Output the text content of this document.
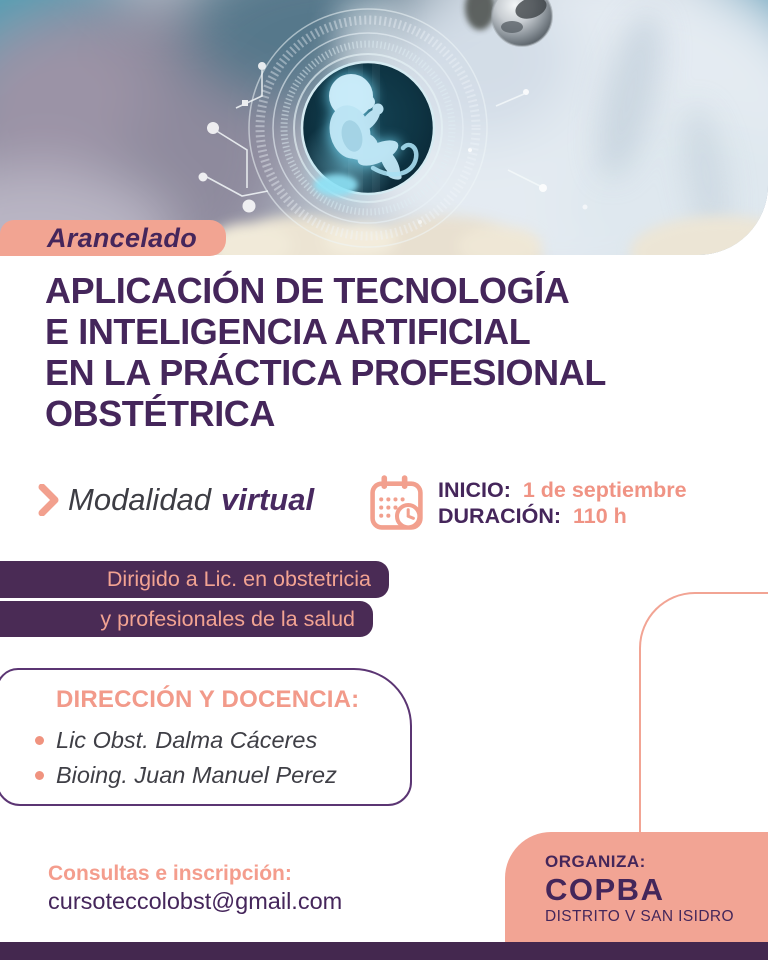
Arancelado
APLICACIÓN DE TECNOLOGÍA
E INTELIGENCIA ARTIFICIAL
EN LA PRÁCTICA PROFESIONAL
OBSTÉTRICA
Modalidad virtual	INICIO: 1 de septiembre
DURACIÓN: 110 h
Dirigido a Lic. en obstetricia
y profesionales de la salud
DIRECCIÓN Y DOCENCIA:
Lic Obst. Dalma Cáceres
Bioing. Juan Manuel Perez
Consultas e inscripción:
cursoteccolobst@gmail.com
ORGANIZA:
COPBA
DISTRITO V SAN ISIDRO
